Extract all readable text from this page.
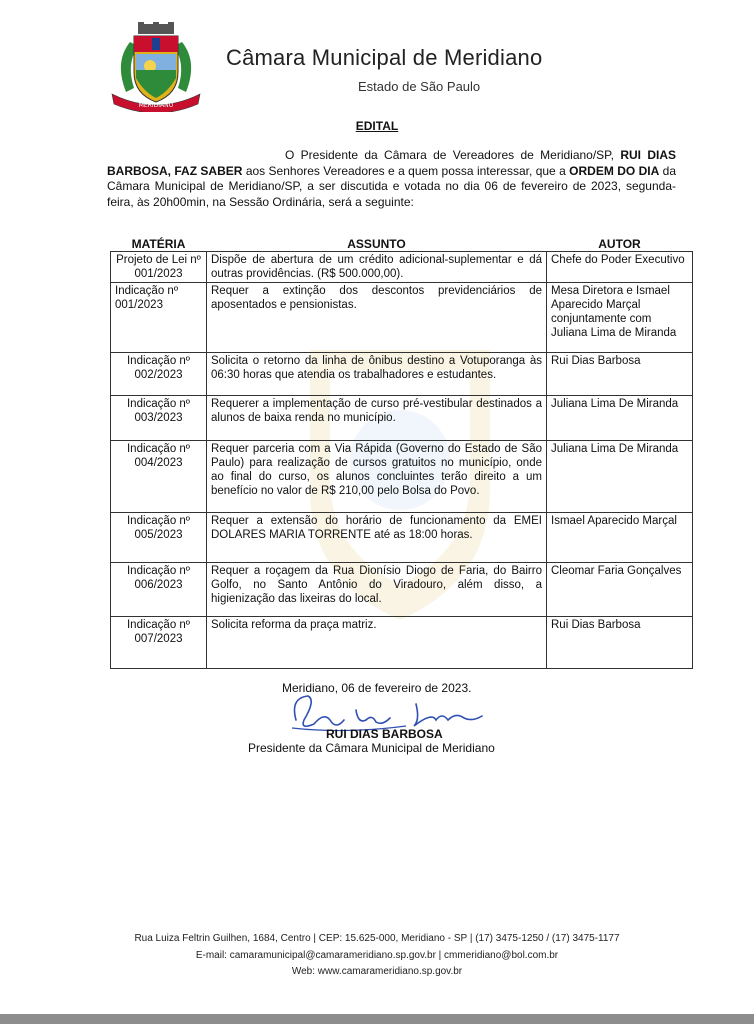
MERIDIANO
Câmara Municipal de Meridiano
Estado de São Paulo
EDITAL

O Presidente da Câmara de Vereadores de Meridiano/SP, RUI DIAS BARBOSA, FAZ SABER aos Senhores Vereadores e a quem possa interessar, que a ORDEM DO DIA da Câmara Municipal de Meridiano/SP, a ser discutida e votada no dia 06 de fevereiro de 2023, segunda-feira, às 20h00min, na Sessão Ordinária, será a seguinte:

MATÉRIA	ASSUNTO	AUTOR
Projeto de Lei nº 001/2023	Dispõe de abertura de um crédito adicional-suplementar e dá outras providências. (R$ 500.000,00).	Chefe do Poder Executivo
Indicação nº 001/2023	Requer a extinção dos descontos previdenciários de aposentados e pensionistas.	Mesa Diretora e Ismael Aparecido Marçal conjuntamente com Juliana Lima de Miranda
Indicação nº 002/2023	Solicita o retorno da linha de ônibus destino a Votuporanga às 06:30 horas que atendia os trabalhadores e estudantes.	Rui Dias Barbosa
Indicação nº 003/2023	Requerer a implementação de curso pré-vestibular destinados a alunos de baixa renda no município.	Juliana Lima De Miranda
Indicação nº 004/2023	Requer parceria com a Via Rápida (Governo do Estado de São Paulo) para realização de cursos gratuitos no município, onde ao final do curso, os alunos concluintes terão direito a um benefício no valor de R$ 210,00 pelo Bolsa do Povo.	Juliana Lima De Miranda
Indicação nº 005/2023	Requer a extensão do horário de funcionamento da EMEI DOLARES MARIA TORRENTE até as 18:00 horas.	Ismael Aparecido Marçal
Indicação nº 006/2023	Requer a roçagem da Rua Dionísio Diogo de Faria, do Bairro Golfo, no Santo Antônio do Viradouro, além disso, a higienização das lixeiras do local.	Cleomar Faria Gonçalves
Indicação nº 007/2023	Solicita reforma da praça matriz.	Rui Dias Barbosa
Meridiano, 06 de fevereiro de 2023.
RUI DIAS BARBOSA
Presidente da Câmara Municipal de Meridiano
Rua Luiza Feltrin Guilhen, 1684, Centro | CEP: 15.625-000, Meridiano - SP | (17) 3475-1250 / (17) 3475-1177
E-mail: camaramunicipal@camarameridiano.sp.gov.br | cmmeridiano@bol.com.br
Web: www.camarameridiano.sp.gov.br
